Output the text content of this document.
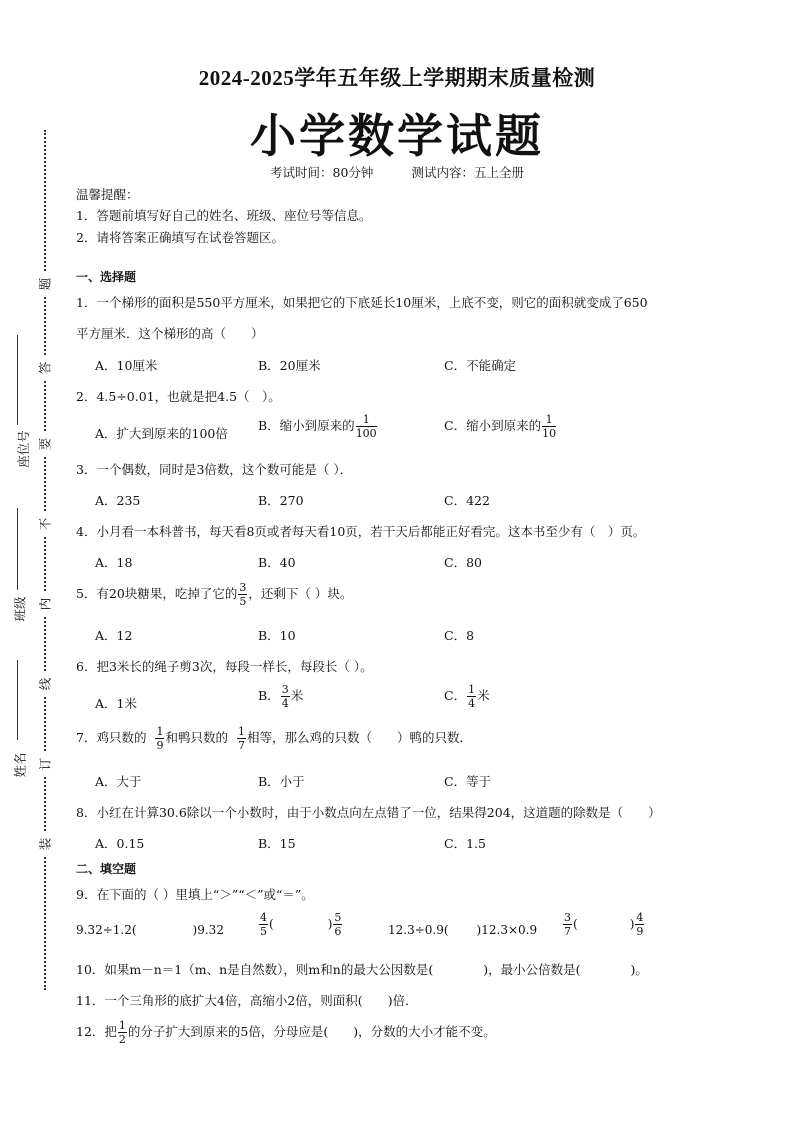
2024-2025学年五年级上学期期末质量检测
小学数学试题
考试时间：80分钟	测试内容：五上全册
题
答
要
不
内
线
订
装
座位号
班级
姓名
温馨提醒：
1．答题前填写好自己的姓名、班级、座位号等信息。
2．请将答案正确填写在试卷答题区。
一、选择题
1．一个梯形的面积是550平方厘米，如果把它的下底延长10厘米，上底不变，则它的面积就变成了650
平方厘米．这个梯形的高（　　）
A．10厘米	B．20厘米	C．不能确定
2．4.5÷0.01，也就是把4.5（　）。
A．扩大到原来的100倍
B．缩小到原来的 $\frac{1}{100}$	C．缩小到原来的 $\frac{1}{10}$
3．一个偶数，同时是3倍数，这个数可能是（ ）．
A．235	B．270	C．422
4．小月看一本科普书，每天看8页或者每天看10页，若干天后都能正好看完。这本书至少有（　）页。
A．18	B．40	C．80
5．有20块糖果，吃掉了它的 $\frac{3}{5}$ ，还剩下（ ）块。
A．12	B．10	C．8
6．把3米长的绳子剪3次，每段一样长，每段长（ ）。
A．1米
B． $\frac{3}{4}$ 米	C． $\frac{1}{4}$ 米
7．鸡只数的 $\frac{1}{9}$ 和鸭只数的 $\frac{1}{7}$ 相等，那么鸡的只数（　　）鸭的只数．
A．大于	B．小于	C．等于
8．小红在计算30.6除以一个小数时，由于小数点向左点错了一位，结果得204，这道题的除数是（　　）
A．0.15	B．15	C．1.5
二、填空题
9．在下面的（ ）里填上“＞”“＜”或“＝”。
9.32÷1.2(	)9.32	$\frac{4}{5}$ (	) $\frac{5}{6}$	12.3÷0.9( )$12.3\times 0.9 \frac{3}{7}$ (	) $\frac{4}{9}$
10．如果m－n＝1（m、n是自然数），则m和n的最大公因数是(　　　　)，最小公倍数是(　　　　)。
11．一个三角形的底扩大4倍，高缩小2倍，则面积(　　)倍．
12．把 $\frac{1}{2}$ 的分子扩大到原来的5倍，分母应是(　　)，分数的大小才能不变。
